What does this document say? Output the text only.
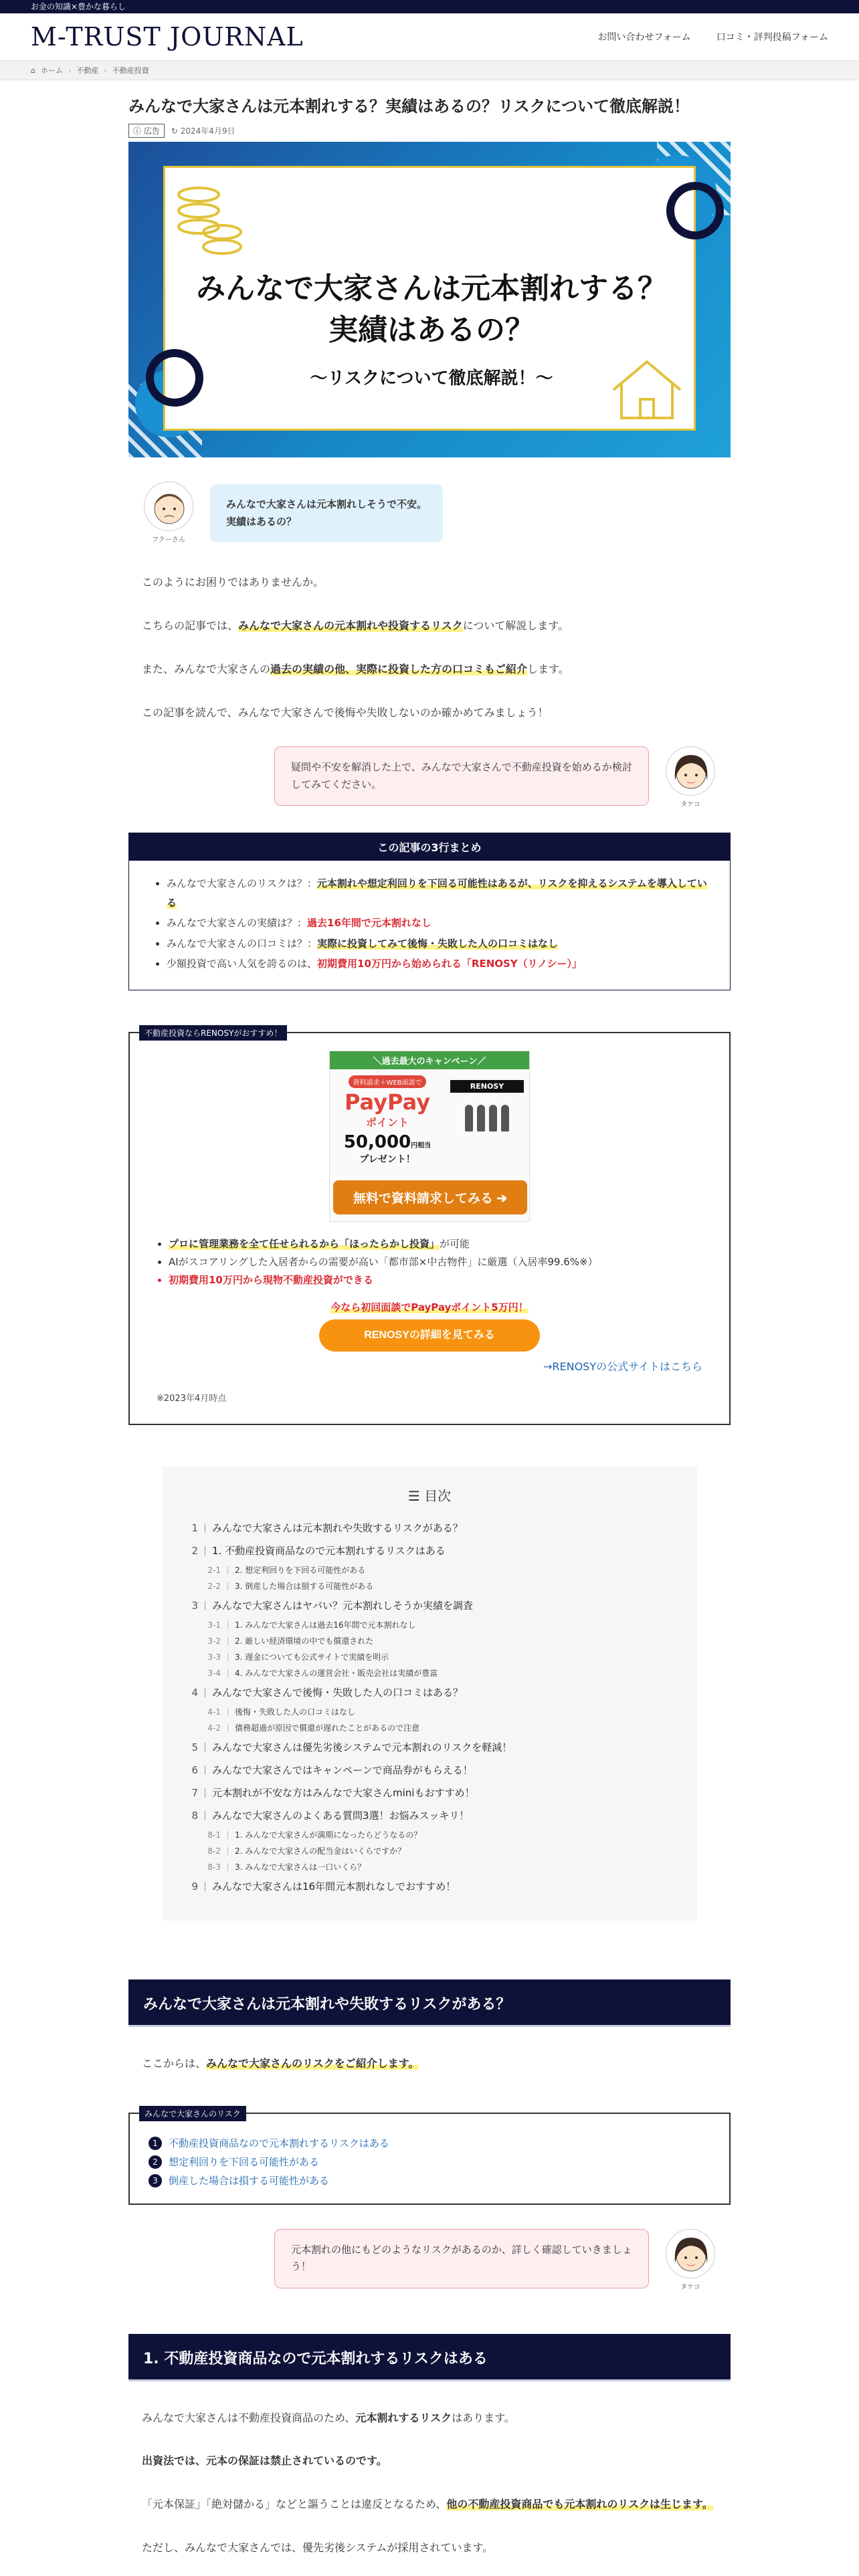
お金の知識×豊かな暮らし
M-TRUST JOURNAL	お問い合わせフォーム	口コミ・評判投稿フォーム
⌂ ホーム › 不動産 › 不動産投資
みんなで大家さんは元本割れする？実績はあるの？リスクについて徹底解説！
ⓘ 広告	↻ 2024年4月9日
みんなで大家さんは元本割れする？
実績はあるの？
〜リスクについて徹底解説！〜
フクーさん
みんなで大家さんは元本割れしそうで不安。
実績はあるの？

このようにお困りではありませんか。

こちらの記事では、みんなで大家さんの元本割れや投資するリスクについて解説します。

また、みんなで大家さんの過去の実績の他、実際に投資した方の口コミもご紹介します。

この記事を読んで、みんなで大家さんで後悔や失敗しないのか確かめてみましょう！

疑問や不安を解消した上で、みんなで大家さんで不動産投資を始めるか検討してみてください。
タケコ
この記事の3行まとめ
• みんなで大家さんのリスクは？：元本割れや想定利回りを下回る可能性はあるが、リスクを抑えるシステムを導入している
• みんなで大家さんの実績は？：過去16年間で元本割れなし
• みんなで大家さんの口コミは？：実際に投資してみて後悔・失敗した人の口コミはなし
• 少額投資で高い人気を誇るのは、初期費用10万円から始められる「RENOSY（リノシー）」
不動産投資ならRENOSYがおすすめ！
＼過去最大のキャンペーン／
資料請求＋WEB面談で
PayPay
ポイント
50,000円相当
プレゼント！
RENOSY
無料で資料請求してみる ➔
• プロに管理業務を全て任せられるから「ほったらかし投資」が可能
• AIがスコアリングした入居者からの需要が高い「都市部×中古物件」に厳選（入居率99.6%※）
• 初期費用10万円から現物不動産投資ができる
今なら初回面談でPayPayポイント5万円！
RENOSYの詳細を見てみる
→RENOSYの公式サイトはこちら
※2023年4月時点
☰ 目次
1 みんなで大家さんは元本割れや失敗するリスクがある？
2 1. 不動産投資商品なので元本割れするリスクはある
2-1 2. 想定利回りを下回る可能性がある
2-2 3. 倒産した場合は損する可能性がある
3 みんなで大家さんはヤバい？元本割れしそうか実績を調査
3-1 1. みんなで大家さんは過去16年間で元本割れなし
3-2 2. 厳しい経済環境の中でも償還された
3-3 3. 遅金についても公式サイトで実績を明示
3-4 4. みんなで大家さんの運営会社・販売会社は実績が豊富
4 みんなで大家さんで後悔・失敗した人の口コミはある？
4-1 後悔・失敗した人の口コミはなし
4-2 債務超過が原因で償還が遅れたことがあるので注意
5 みんなで大家さんは優先劣後システムで元本割れのリスクを軽減！
6 みんなで大家さんではキャンペーンで商品券がもらえる！
7 元本割れが不安な方はみんなで大家さんminiもおすすめ！
8 みんなで大家さんのよくある質問3選！お悩みスッキリ！
8-1 1. みんなで大家さんが満期になったらどうなるの？
8-2 2. みんなで大家さんの配当金はいくらですか？
8-3 3. みんなで大家さんは一口いくら？
9 みんなで大家さんは16年間元本割れなしでおすすめ！
みんなで大家さんは元本割れや失敗するリスクがある？

ここからは、みんなで大家さんのリスクをご紹介します。

みんなで大家さんのリスク
1	不動産投資商品なので元本割れするリスクはある
2	想定利回りを下回る可能性がある
3	倒産した場合は損する可能性がある
元本割れの他にもどのようなリスクがあるのか、詳しく確認していきましょう！
タケコ
1. 不動産投資商品なので元本割れするリスクはある

みんなで大家さんは不動産投資商品のため、元本割れするリスクはあります。

出資法では、元本の保証は禁止されているのです。

「元本保証」「絶対儲かる」などと謳うことは違反となるため、他の不動産投資商品でも元本割れのリスクは生じます。

ただし、みんなで大家さんでは、優先劣後システムが採用されています。
